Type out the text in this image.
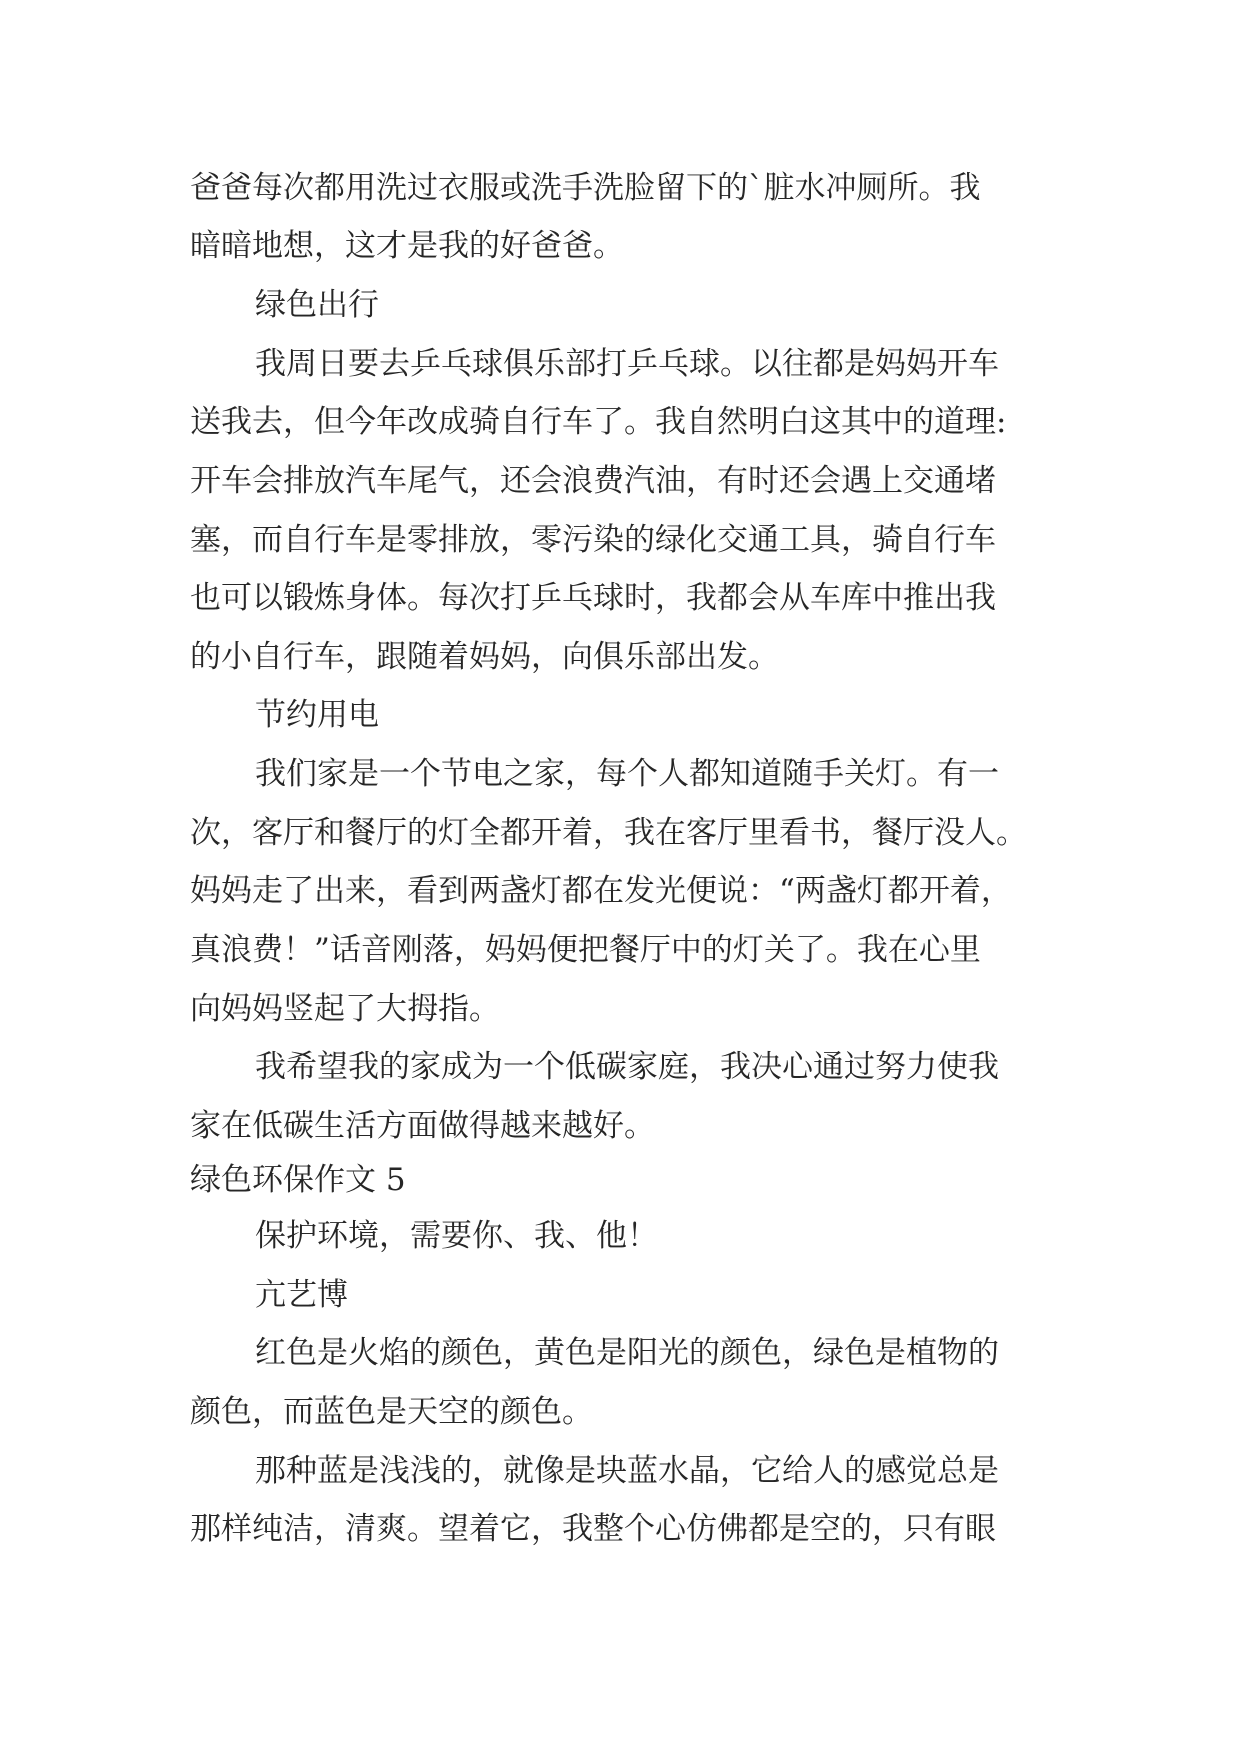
爸爸每次都用洗过衣服或洗手洗脸留下的`脏水冲厕所。我
暗暗地想，这才是我的好爸爸。
绿色出行
我周日要去乒乓球俱乐部打乒乓球。以往都是妈妈开车
送我去，但今年改成骑自行车了。我自然明白这其中的道理:
开车会排放汽车尾气，还会浪费汽油，有时还会遇上交通堵
塞，而自行车是零排放，零污染的绿化交通工具，骑自行车
也可以锻炼身体。每次打乒乓球时，我都会从车库中推出我
的小自行车，跟随着妈妈，向俱乐部出发。
节约用电
我们家是一个节电之家，每个人都知道随手关灯。有一
次，客厅和餐厅的灯全都开着，我在客厅里看书，餐厅没人。
妈妈走了出来，看到两盏灯都在发光便说：“两盏灯都开着，
真浪费！”话音刚落，妈妈便把餐厅中的灯关了。我在心里
向妈妈竖起了大拇指。
我希望我的家成为一个低碳家庭，我决心通过努力使我
家在低碳生活方面做得越来越好。
绿色环保作文 5
保护环境，需要你、我、他！
亢艺博
红色是火焰的颜色，黄色是阳光的颜色，绿色是植物的
颜色，而蓝色是天空的颜色。
那种蓝是浅浅的，就像是块蓝水晶，它给人的感觉总是
那样纯洁，清爽。望着它，我整个心仿佛都是空的，只有眼
